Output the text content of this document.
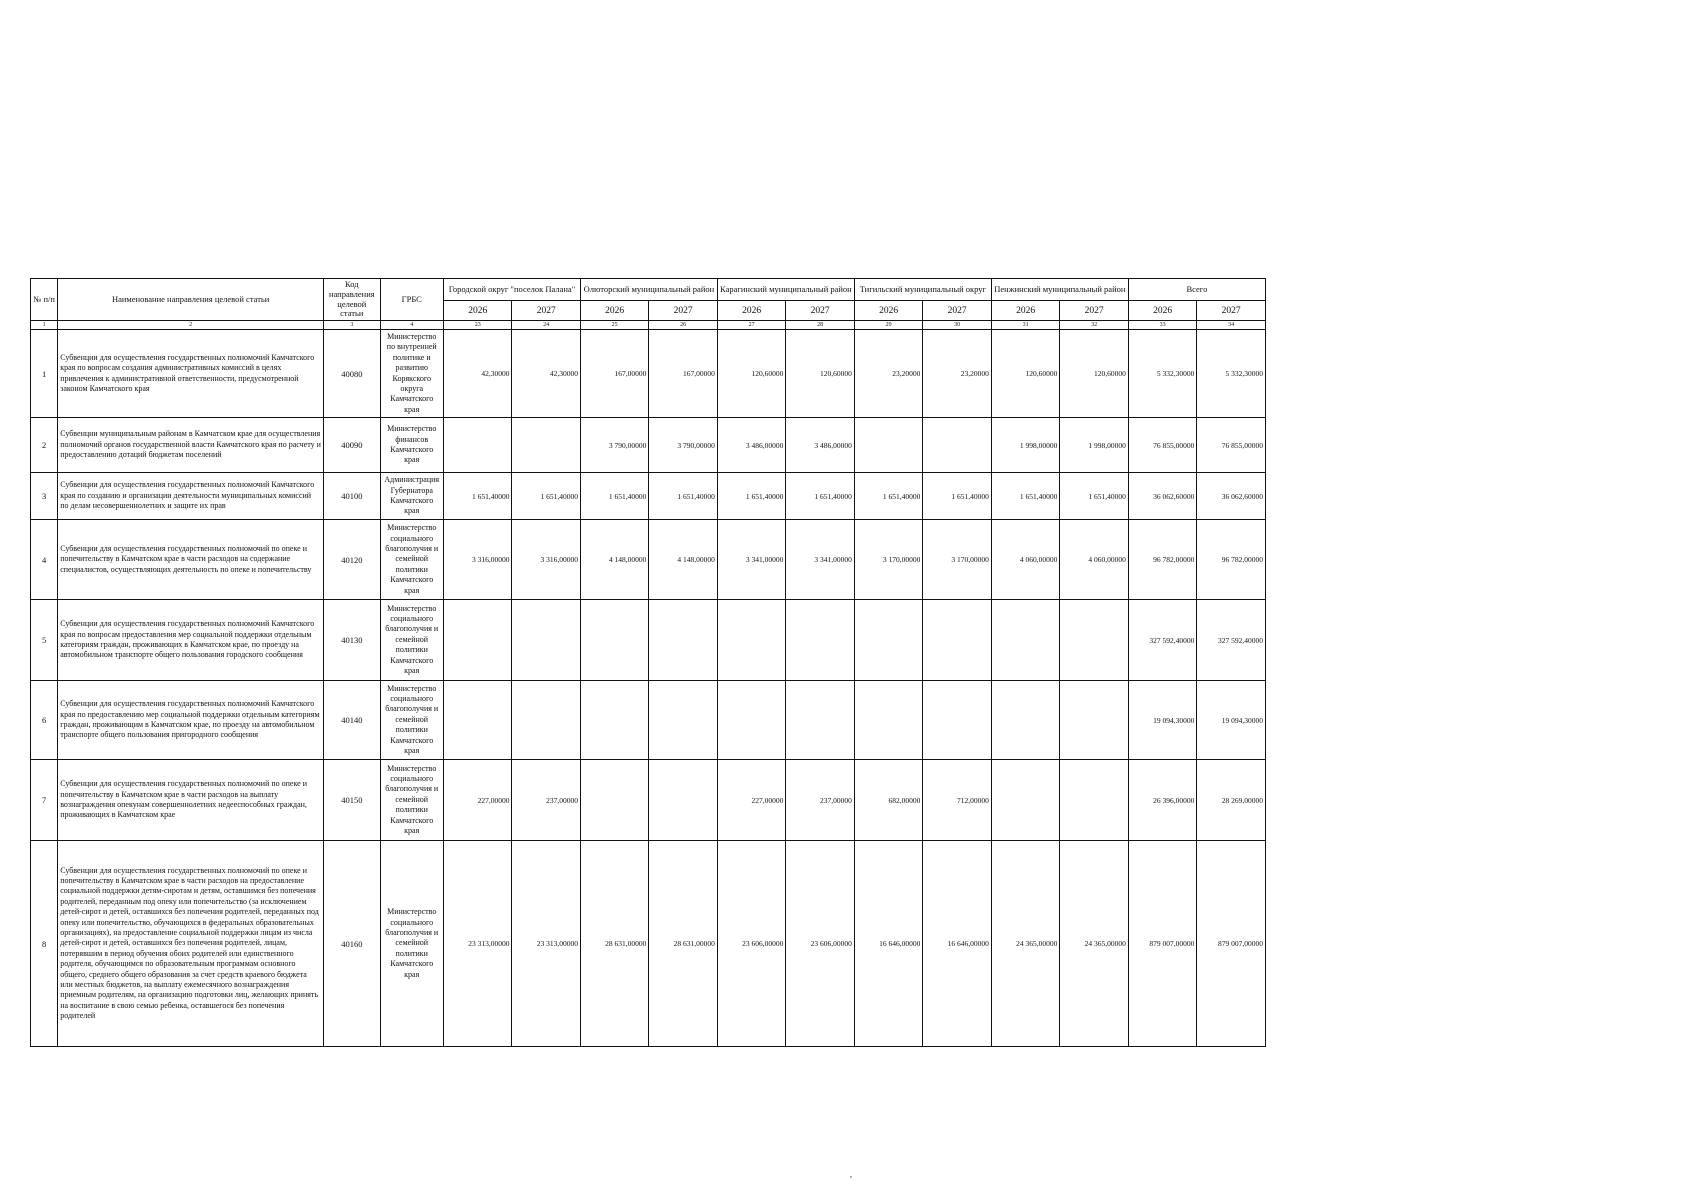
№ п/п	Наименование направления целевой статьи	Код направления целевой статьи	ГРБС	Городской округ "поселок Палана"		Олюторский муниципальный район		Карагинский муниципальный район		Тигильский муниципальный округ		Пенжинский муниципальный район		Всего	
				2026	2027	2026	2027	2026	2027	2026	2027	2026	2027	2026	2027
1	2	3	4	23	24	25	26	27	28	29	30	31	32	33	34
1	Субвенции для осуществления государственных полномочий Камчатского края по вопросам создания административных комиссий в целях привлечения к административной ответственности, предусмотренной законом Камчатского края	40080	Министерство по внутренней политике и развитию Корякского округа Камчатского края	42,30000	42,30000	167,00000	167,00000	120,60000	120,60000	23,20000	23,20000	120,60000	120,60000	5 332,30000	5 332,30000
2	Субвенции муниципальным районам в Камчатском крае для осуществления полномочий органов государственной власти Камчатского края по расчету и предоставлению дотаций бюджетам поселений	40090	Министерство финансов Камчатского края			3 790,00000	3 790,00000	3 486,00000	3 486,00000			1 998,00000	1 998,00000	76 855,00000	76 855,00000
3	Субвенции для осуществления государственных полномочий Камчатского края по созданию и организации деятельности муниципальных комиссий по делам несовершеннолетних и защите их прав	40100	Администрация Губернатора Камчатского края	1 651,40000	1 651,40000	1 651,40000	1 651,40000	1 651,40000	1 651,40000	1 651,40000	1 651,40000	1 651,40000	1 651,40000	36 062,60000	36 062,60000
4	Субвенции для осуществления государственных полномочий по опеке и попечительству в Камчатском крае в части расходов на содержание специалистов, осуществляющих деятельность по опеке и попечительству	40120	Министерство социального благополучия и семейной политики Камчатского края	3 316,00000	3 316,00000	4 148,00000	4 148,00000	3 341,00000	3 341,00000	3 170,00000	3 170,00000	4 060,00000	4 060,00000	96 782,00000	96 782,00000
5	Субвенции для осуществления государственных полномочий Камчатского края по вопросам предоставления мер социальной поддержки отдельным категориям граждан, проживающих в Камчатском крае, по проезду на автомобильном транспорте общего пользования городского сообщения	40130	Министерство социального благополучия и семейной политики Камчатского края											327 592,40000	327 592,40000
6	Субвенции для осуществления государственных полномочий Камчатского края по предоставлению мер социальной поддержки отдельным категориям граждан, проживающим в Камчатском крае, по проезду на автомобильном транспорте общего пользования пригородного сообщения	40140	Министерство социального благополучия и семейной политики Камчатского края											19 094,30000	19 094,30000
7	Субвенции для осуществления государственных полномочий по опеке и попечительству в Камчатском крае в части расходов на выплату вознаграждения опекунам совершеннолетних недееспособных граждан, проживающих в Камчатском крае	40150	Министерство социального благополучия и семейной политики Камчатского края	227,00000	237,00000			227,00000	237,00000	682,00000	712,00000			26 396,00000	28 269,00000
8	Субвенции для осуществления государственных полномочий по опеке и попечительству в Камчатском крае в части расходов на предоставление социальной поддержки детям-сиротам и детям, оставшимся без попечения родителей, переданным под опеку или попечительство (за исключением детей-сирот и детей, оставшихся без попечения родителей, переданных под опеку или попечительство, обучающихся в федеральных образовательных организациях), на предоставление социальной поддержки лицам из числа детей-сирот и детей, оставшихся без попечения родителей, лицам, потерявшим в период обучения обоих родителей или единственного родителя, обучающимся по образовательным программам основного общего, среднего общего образования за счет средств краевого бюджета или местных бюджетов, на выплату ежемесячного вознаграждения приемным родителям, на организацию подготовки лиц, желающих принять на воспитание в свою семью ребенка, оставшегося без попечения родителей	40160	Министерство социального благополучия и семейной политики Камчатского края	23 313,00000	23 313,00000	28 631,00000	28 631,00000	23 606,00000	23 606,00000	16 646,00000	16 646,00000	24 365,00000	24 365,00000	879 007,00000	879 007,00000
,
